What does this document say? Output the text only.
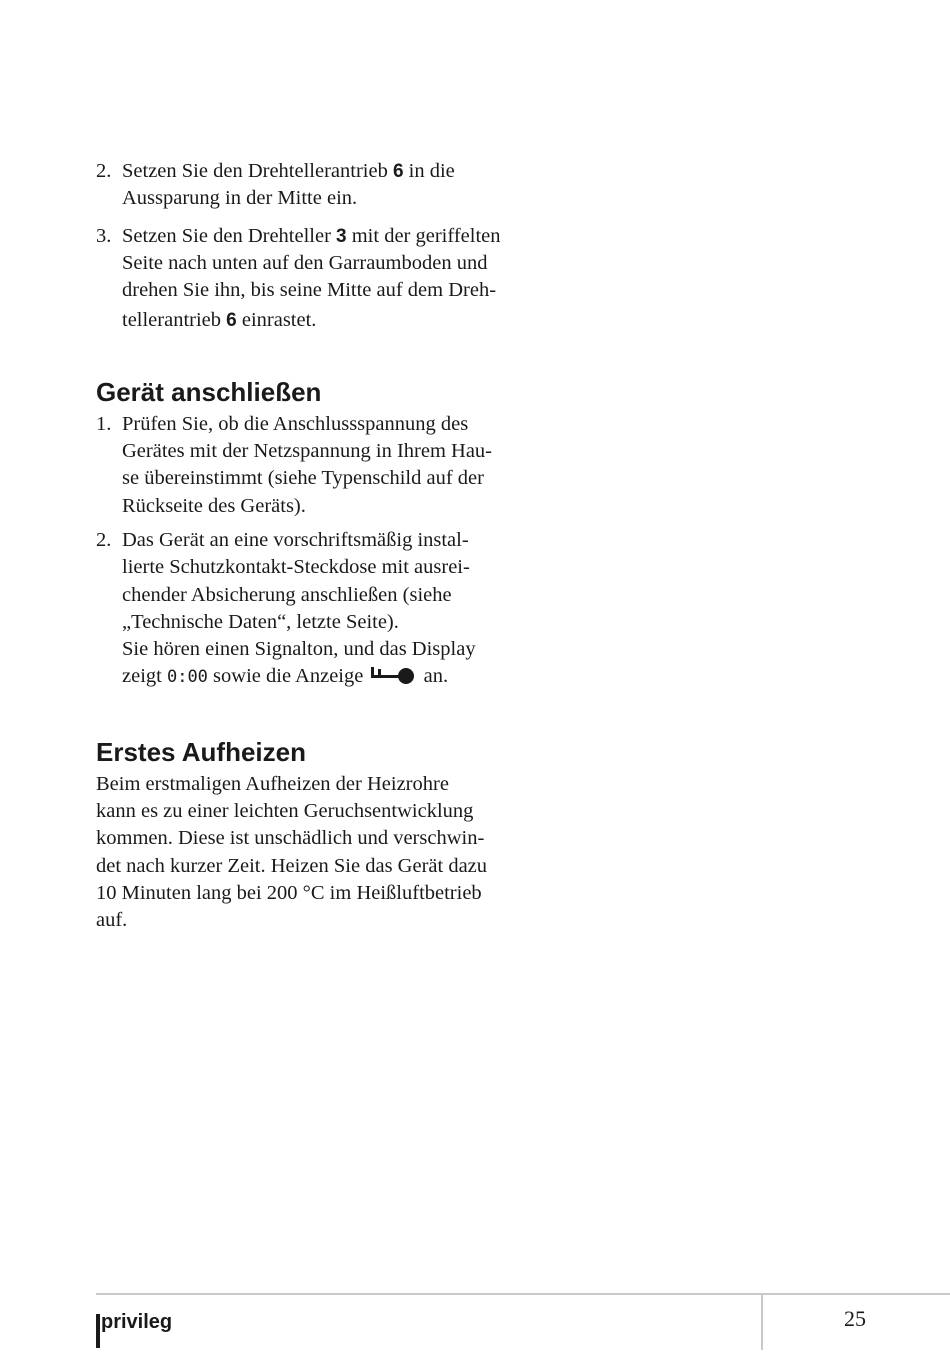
2. Setzen Sie den Drehtellerantrieb 6 in die

Aussparung in der Mitte ein.

3. Setzen Sie den Drehteller 3 mit der geriffelten

Seite nach unten auf den Garraumboden und

drehen Sie ihn, bis seine Mitte auf dem Dreh-

tellerantrieb 6 einrastet.

Gerät anschließen
1. Prüfen Sie, ob die Anschlussspannung des

Gerätes mit der Netzspannung in Ihrem Hau-

se übereinstimmt (siehe Typenschild auf der

Rückseite des Geräts).

2. Das Gerät an eine vorschriftsmäßig instal-

lierte Schutzkontakt-Steckdose mit ausrei-

chender Absicherung anschließen (siehe

„Technische Daten“, letzte Seite).

Sie hören einen Signalton, und das Display

zeigt 0:00 sowie die Anzeige  an.

Erstes Aufheizen

Beim erstmaligen Aufheizen der Heizrohre

kann es zu einer leichten Geruchsentwicklung

kommen. Diese ist unschädlich und verschwin-

det nach kurzer Zeit. Heizen Sie das Gerät dazu

10 Minuten lang bei 200 °C im Heißluftbetrieb

auf.

privileg	25
